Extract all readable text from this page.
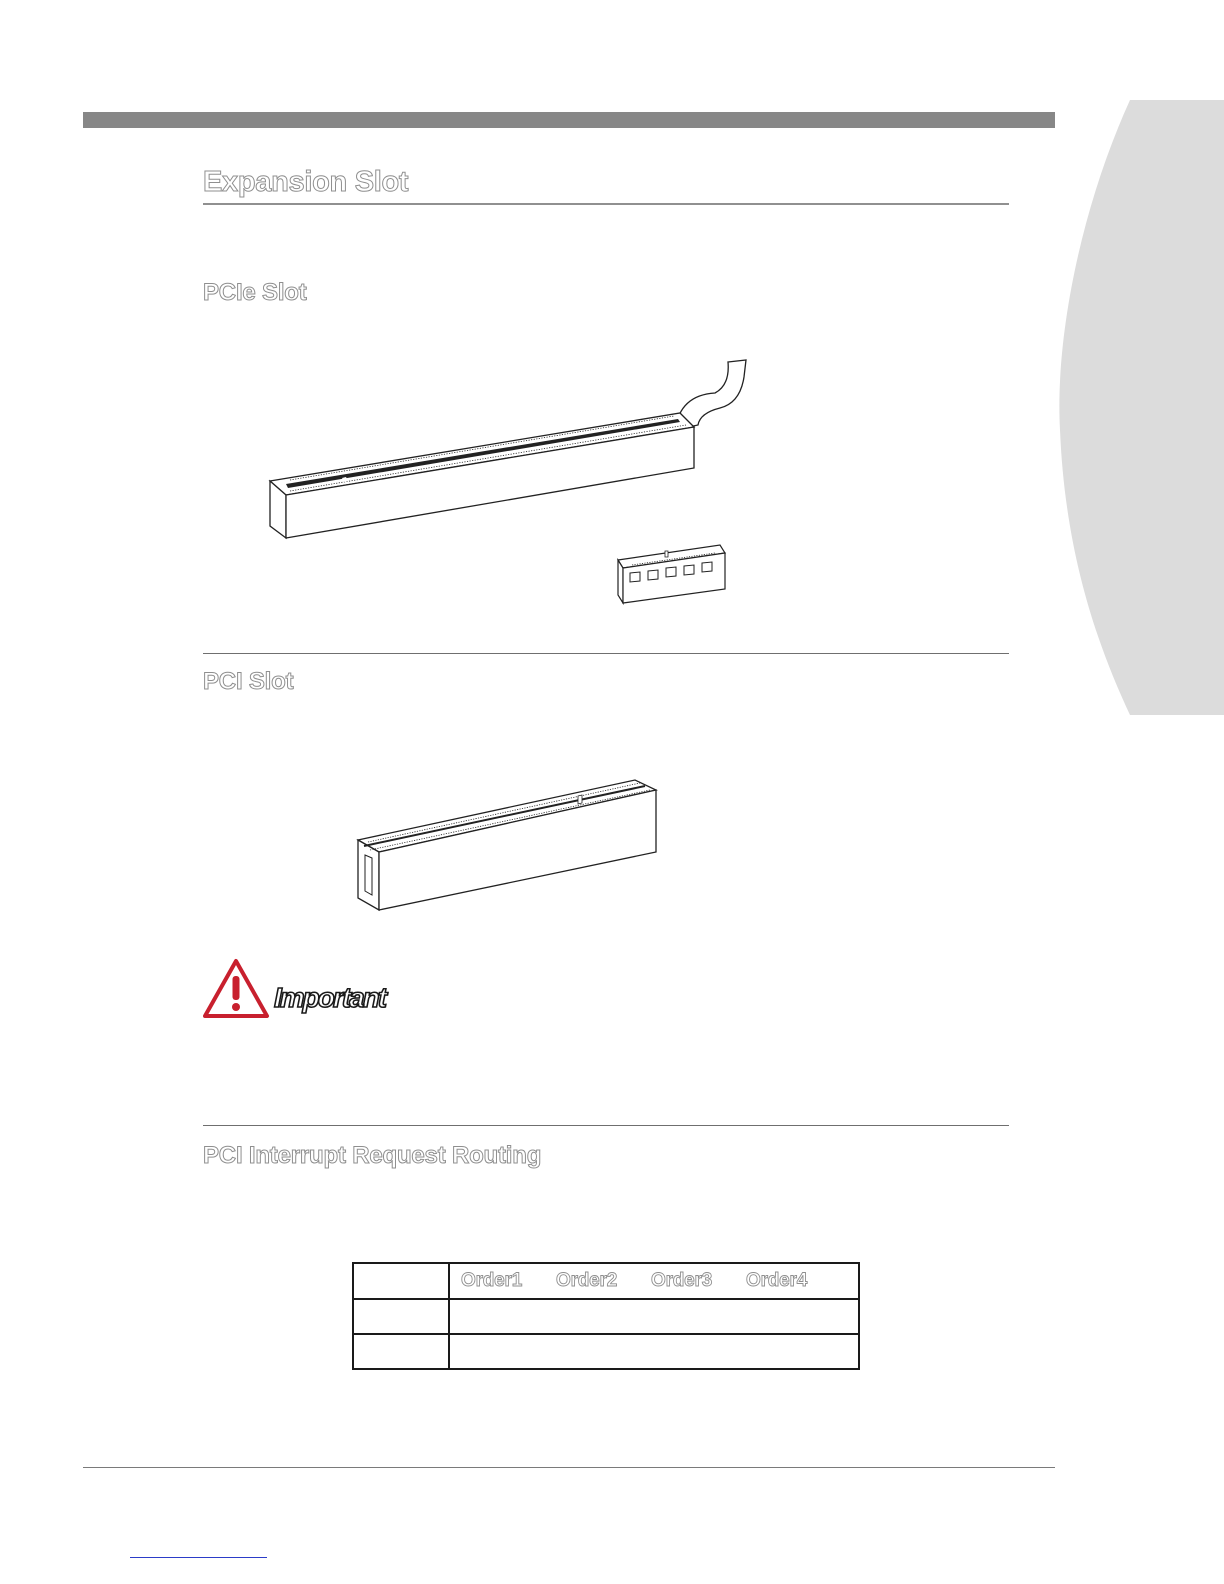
Expansion Slot
PCIe Slot
PCI Slot
Important
PCI Interrupt Request Routing

	Order1 Order2 Order3 Order4
